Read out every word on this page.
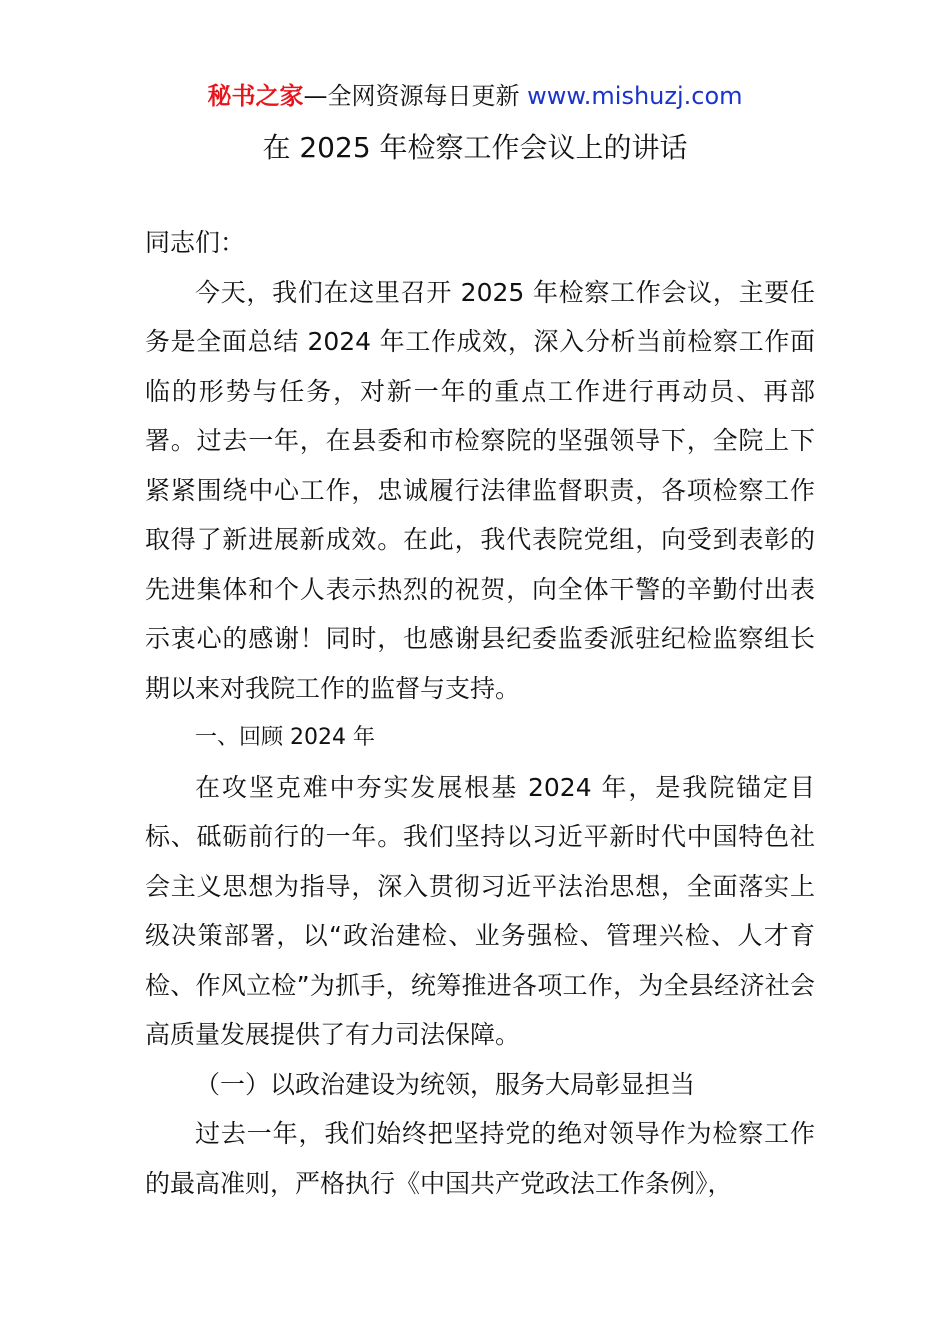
秘书之家—全网资源每日更新 www.mishuzj.com
在 2025 年检察工作会议上的讲话

同志们：

今天，我们在这里召开 2025 年检察工作会议，主要任务是全面总结 2024 年工作成效，深入分析当前检察工作面临的形势与任务，对新一年的重点工作进行再动员、再部署。过去一年，在县委和市检察院的坚强领导下，全院上下紧紧围绕中心工作，忠诚履行法律监督职责，各项检察工作取得了新进展新成效。在此，我代表院党组，向受到表彰的先进集体和个人表示热烈的祝贺，向全体干警的辛勤付出表示衷心的感谢！同时，也感谢县纪委监委派驻纪检监察组长期以来对我院工作的监督与支持。

一、回顾 2024 年

在攻坚克难中夯实发展根基 2024 年，是我院锚定目标、砥砺前行的一年。我们坚持以习近平新时代中国特色社会主义思想为指导，深入贯彻习近平法治思想，全面落实上级决策部署，以“政治建检、业务强检、管理兴检、人才育检、作风立检”为抓手，统筹推进各项工作，为全县经济社会高质量发展提供了有力司法保障。

（一）以政治建设为统领，服务大局彰显担当

过去一年，我们始终把坚持党的绝对领导作为检察工作的最高准则，严格执行《中国共产党政法工作条例》，
